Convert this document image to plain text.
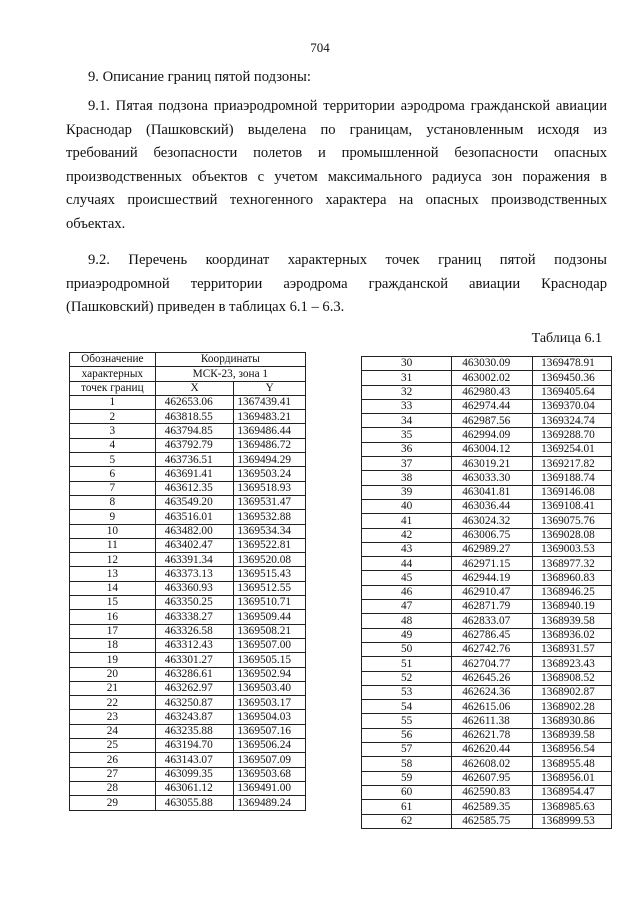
704
9. Описание границ пятой подзоны:
9.1. Пятая подзона приаэродромной территории аэродрома гражданской авиации Краснодар (Пашковский) выделена по границам, установленным исходя из требований безопасности полетов и промышленной безопасности опасных производственных объектов с учетом максимального радиуса зон поражения в случаях происшествий техногенного характера на опасных производственных объектах.
9.2. Перечень координат характерных точек границ пятой подзоны приаэродромной территории аэродрома гражданской авиации Краснодар (Пашковский) приведен в таблицах 6.1 – 6.3.
Таблица 6.1
Обозначение	Координаты	
характерных	МСК-23, зона 1	
точек границ	X	Y
1	462653.06	1367439.41
2	463818.55	1369483.21
3	463794.85	1369486.44
4	463792.79	1369486.72
5	463736.51	1369494.29
6	463691.41	1369503.24
7	463612.35	1369518.93
8	463549.20	1369531.47
9	463516.01	1369532.88
10	463482.00	1369534.34
11	463402.47	1369522.81
12	463391.34	1369520.08
13	463373.13	1369515.43
14	463360.93	1369512.55
15	463350.25	1369510.71
16	463338.27	1369509.44
17	463326.58	1369508.21
18	463312.43	1369507.00
19	463301.27	1369505.15
20	463286.61	1369502.94
21	463262.97	1369503.40
22	463250.87	1369503.17
23	463243.87	1369504.03
24	463235.88	1369507.16
25	463194.70	1369506.24
26	463143.07	1369507.09
27	463099.35	1369503.68
28	463061.12	1369491.00
29	463055.88	1369489.24
30	463030.09	1369478.91
31	463002.02	1369450.36
32	462980.43	1369405.64
33	462974.44	1369370.04
34	462987.56	1369324.74
35	462994.09	1369288.70
36	463004.12	1369254.01
37	463019.21	1369217.82
38	463033.30	1369188.74
39	463041.81	1369146.08
40	463036.44	1369108.41
41	463024.32	1369075.76
42	463006.75	1369028.08
43	462989.27	1369003.53
44	462971.15	1368977.32
45	462944.19	1368960.83
46	462910.47	1368946.25
47	462871.79	1368940.19
48	462833.07	1368939.58
49	462786.45	1368936.02
50	462742.76	1368931.57
51	462704.77	1368923.43
52	462645.26	1368908.52
53	462624.36	1368902.87
54	462615.06	1368902.28
55	462611.38	1368930.86
56	462621.78	1368939.58
57	462620.44	1368956.54
58	462608.02	1368955.48
59	462607.95	1368956.01
60	462590.83	1368954.47
61	462589.35	1368985.63
62	462585.75	1368999.53
